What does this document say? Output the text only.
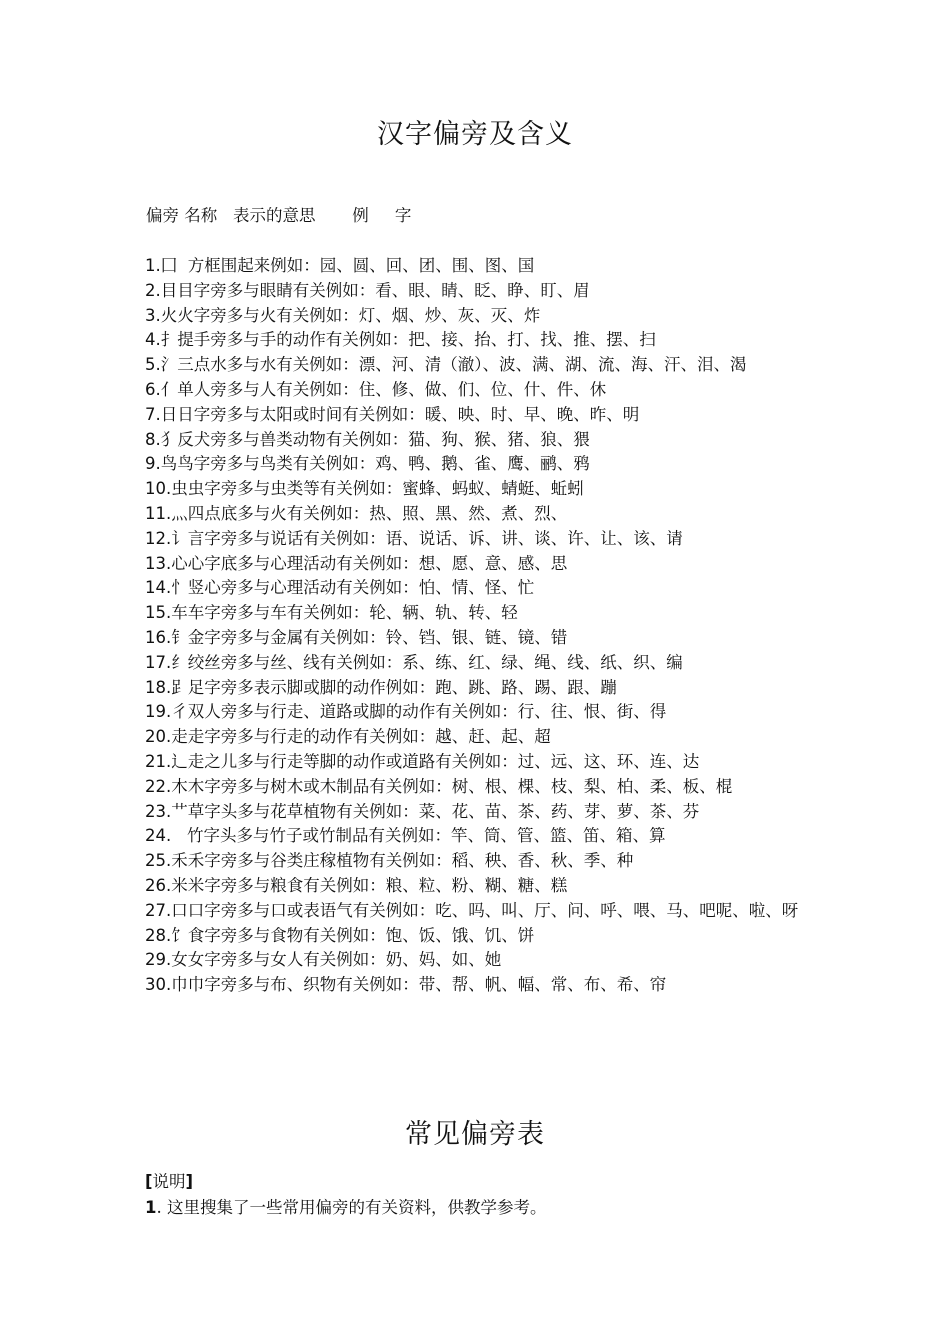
汉字偏旁及含义
偏旁 名称   表示的意思       例     字
1.囗  方框围起来例如：园、圆、回、团、围、图、国
2.目目字旁多与眼睛有关例如：看、眼、睛、眨、睁、盯、眉
3.火火字旁多与火有关例如：灯、烟、炒、灰、灭、炸
4.扌提手旁多与手的动作有关例如：把、接、抬、打、找、推、摆、扫
5.氵三点水多与水有关例如：漂、河、清（澈）、波、满、湖、流、海、汗、泪、渴
6.亻单人旁多与人有关例如：住、修、做、们、位、什、件、休
7.日日字旁多与太阳或时间有关例如：暖、映、时、早、晚、昨、明
8.犭反犬旁多与兽类动物有关例如：猫、狗、猴、猪、狼、猥
9.鸟鸟字旁多与鸟类有关例如：鸡、鸭、鹅、雀、鹰、鹂、鸦
10.虫虫字旁多与虫类等有关例如：蜜蜂、蚂蚁、蜻蜓、蚯蚓
11.灬四点底多与火有关例如：热、照、黑、然、煮、烈、
12.讠言字旁多与说话有关例如：语、说话、诉、讲、谈、许、让、该、请
13.心心字底多与心理活动有关例如：想、愿、意、感、思
14.忄竖心旁多与心理活动有关例如：怕、情、怪、忙
15.车车字旁多与车有关例如：轮、辆、轨、转、轻
16.钅金字旁多与金属有关例如：铃、铛、银、链、镜、错
17.纟绞丝旁多与丝、线有关例如：系、练、红、绿、绳、线、纸、织、编
18.𧾷足字旁多表示脚或脚的动作例如：跑、跳、路、踢、跟、蹦
19.彳双人旁多与行走、道路或脚的动作有关例如：行、往、恨、街、得
20.走走字旁多与行走的动作有关例如：越、赶、起、超
21.辶走之儿多与行走等脚的动作或道路有关例如：过、远、这、环、连、达
22.木木字旁多与树木或木制品有关例如：树、根、棵、枝、梨、柏、柔、板、棍
23.艹草字头多与花草植物有关例如：菜、花、苗、茶、药、芽、萝、茶、芬
24.   竹字头多与竹子或竹制品有关例如：竿、筒、管、篮、笛、箱、算
25.禾禾字旁多与谷类庄稼植物有关例如：稻、秧、香、秋、季、种
26.米米字旁多与粮食有关例如：粮、粒、粉、糊、糖、糕
27.口口字旁多与口或表语气有关例如：吃、吗、叫、厅、问、呼、喂、马、吧呢、啦、呀
28.饣食字旁多与食物有关例如：饱、饭、饿、饥、饼
29.女女字旁多与女人有关例如：奶、妈、如、她
30.巾巾字旁多与布、织物有关例如：带、帮、帆、幅、常、布、希、帘
常见偏旁表
[说明]
1. 这里搜集了一些常用偏旁的有关资料，供教学参考。
